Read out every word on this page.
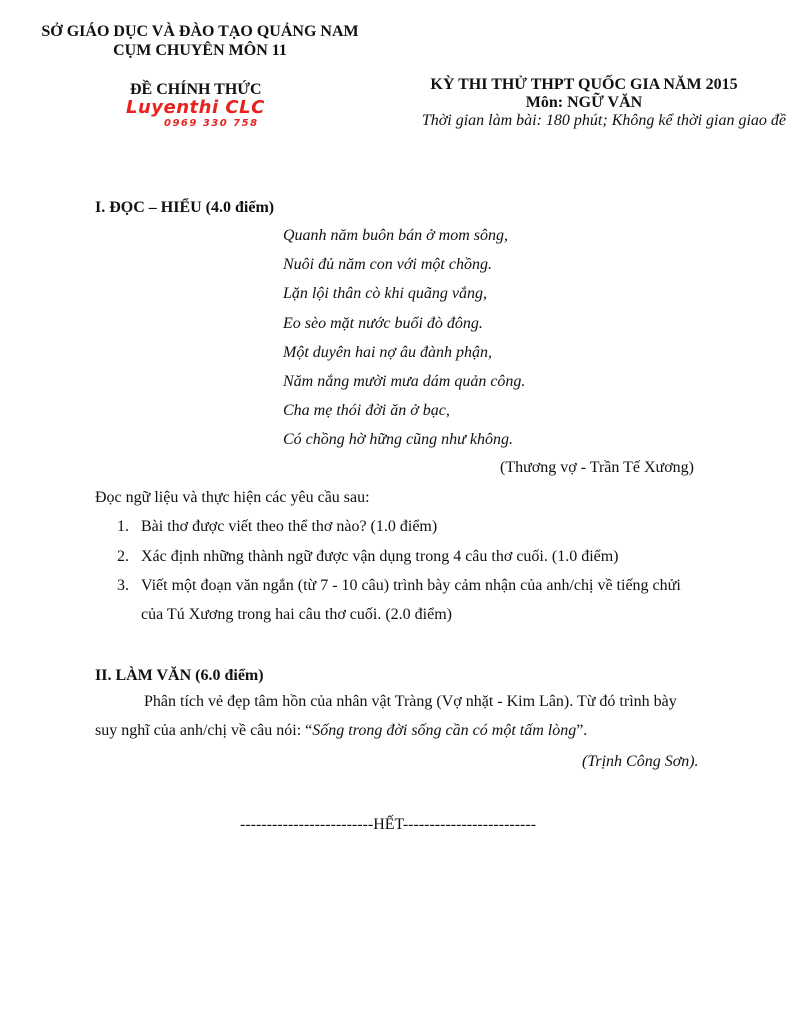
SỞ GIÁO DỤC VÀ ĐÀO TẠO QUẢNG NAM
CỤM CHUYÊN MÔN 11
ĐỀ CHÍNH THỨC
Luyenthi CLC
0969 330 758
KỲ THI THỬ THPT QUỐC GIA NĂM 2015
Môn: NGỮ VĂN
Thời gian làm bài: 180 phút; Không kể thời gian giao đề
I. ĐỌC – HIỂU (4.0 điểm)
Quanh năm buôn bán ở mom sông,
Nuôi đủ năm con với một chồng.
Lặn lội thân cò khi quãng vắng,
Eo sèo mặt nước buổi đò đông.
Một duyên hai nợ âu đành phận,
Năm nắng mười mưa dám quản công.
Cha mẹ thói đời ăn ở bạc,
Có chồng hờ hững cũng như không.
(Thương vợ - Trần Tế Xương)
Đọc ngữ liệu và thực hiện các yêu cầu sau:
1. Bài thơ được viết theo thể thơ nào? (1.0 điểm)
2. Xác định những thành ngữ được vận dụng trong 4 câu thơ cuối. (1.0 điểm)
3. Viết một đoạn văn ngắn (từ 7 - 10 câu) trình bày cảm nhận của anh/chị về tiếng chửi
của Tú Xương trong hai câu thơ cuối. (2.0 điểm)
II. LÀM VĂN (6.0 điểm)
Phân tích vẻ đẹp tâm hồn của nhân vật Tràng (Vợ nhặt - Kim Lân). Từ đó trình bày
suy nghĩ của anh/chị về câu nói: “Sống trong đời sống cần có một tấm lòng”.
(Trịnh Công Sơn).
-------------------------HẾT-------------------------
